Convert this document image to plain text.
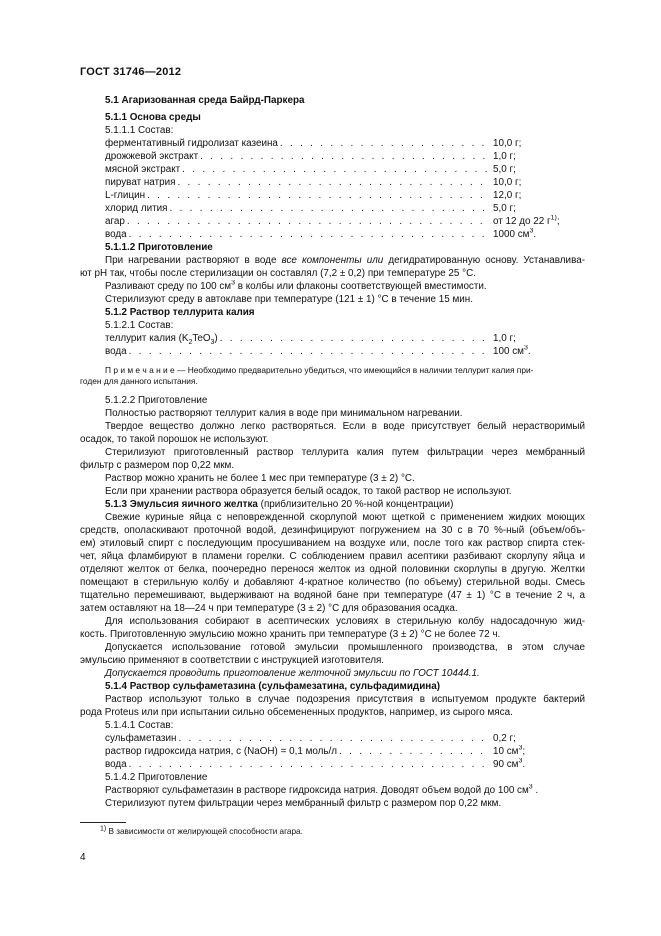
ГОСТ 31746—2012
5.1 Агаризованная среда Байрд-Паркера
5.1.1 Основа среды
5.1.1.1 Состав:
ферментативный гидролизат казеина . . .	10,0 г;
дрожжевой экстракт . . .	1,0 г;
мясной экстракт . . .	5,0 г;
пируват натрия . . .	10,0 г;
L-глицин . . .	12,0 г;
хлорид лития . . .	5,0 г;
агар . . .	от 12 до 22 $г^{1)}$;
вода . . .	1000 $см^3$.
5.1.1.2 Приготовление
При нагревании растворяют в воде все компоненты или дегидратированную основу. Устанавлива-
ют рН так, чтобы после стерилизации он составлял (7,2 ± 0,2) при температуре 25 °С.
Разливают среду по 100 $см^3$ в колбы или флаконы соответствующей вместимости.
Стерилизуют среду в автоклаве при температуре (121 ± 1) °С в течение 15 мин.
5.1.2 Раствор теллурита калия
5.1.2.1 Состав:
теллурит калия $(K_2TeO_3)$ . . .	1,0 г;
вода . . .	100 $см^3$.
П р и м е ч а н и е — Необходимо предварительно убедиться, что имеющийся в наличии теллурит калия при-
годен для данного испытания.
5.1.2.2 Приготовление
Полностью растворяют теллурит калия в воде при минимальном нагревании.
Твердое вещество должно легко растворяться. Если в воде присутствует белый нерастворимый
осадок, то такой порошок не используют.
Стерилизуют приготовленный раствор теллурита калия путем фильтрации через мембранный
фильтр с размером пор 0,22 мкм.
Раствор можно хранить не более 1 мес при температуре (3 ± 2) °С.
Если при хранении раствора образуется белый осадок, то такой раствор не используют.
5.1.3 Эмульсия яичного желтка (приблизительно 20 %-ной концентрации)
Свежие куриные яйца с неповрежденной скорлупой моют щеткой с применением жидких моющих
средств, ополаскивают проточной водой, дезинфицируют погружением на 30 с в 70 %-ный (объем/объ-
ем) этиловый спирт с последующим просушиванием на воздухе или, после того как раствор спирта стек-
чет, яйца фламбируют в пламени горелки. С соблюдением правил асептики разбивают скорлупу яйца и
отделяют желток от белка, поочередно перенося желток из одной половинки скорлупы в другую. Желтки
помещают в стерильную колбу и добавляют 4-кратное количество (по объему) стерильной воды. Смесь
тщательно перемешивают, выдерживают на водяной бане при температуре (47 ± 1) °С в течение 2 ч, а
затем оставляют на 18—24 ч при температуре (3 ± 2) °С для образования осадка.
Для использования собирают в асептических условиях в стерильную колбу надосадочную жид-
кость. Приготовленную эмульсию можно хранить при температуре (3 ± 2) °С не более 72 ч.
Допускается использование готовой эмульсии промышленного производства, в этом случае
эмульсию применяют в соответствии с инструкцией изготовителя.
Допускается проводить приготовление желточной эмульсии по ГОСТ 10444.1.
5.1.4 Раствор сульфаметазина (сульфамезатина, сульфадимидина)
Раствор используют только в случае подозрения присутствия в испытуемом продукте бактерий
рода Proteus или при испытании сильно обсемененных продуктов, например, из сырого мяса.
5.1.4.1 Состав:
сульфаметазин . . .	0,2 г;
раствор гидроксида натрия, c (NaOH) = 0,1 моль/л . . .	10 $см^3$;
вода . . .	90 $см^3$.
5.1.4.2 Приготовление
Растворяют сульфаметазин в растворе гидроксида натрия. Доводят объем водой до 100 $см^3$ .
Стерилизуют путем фильтрации через мембранный фильтр с размером пор 0,22 мкм.
$^{1)}$ В зависимости от желирующей способности агара.
4
